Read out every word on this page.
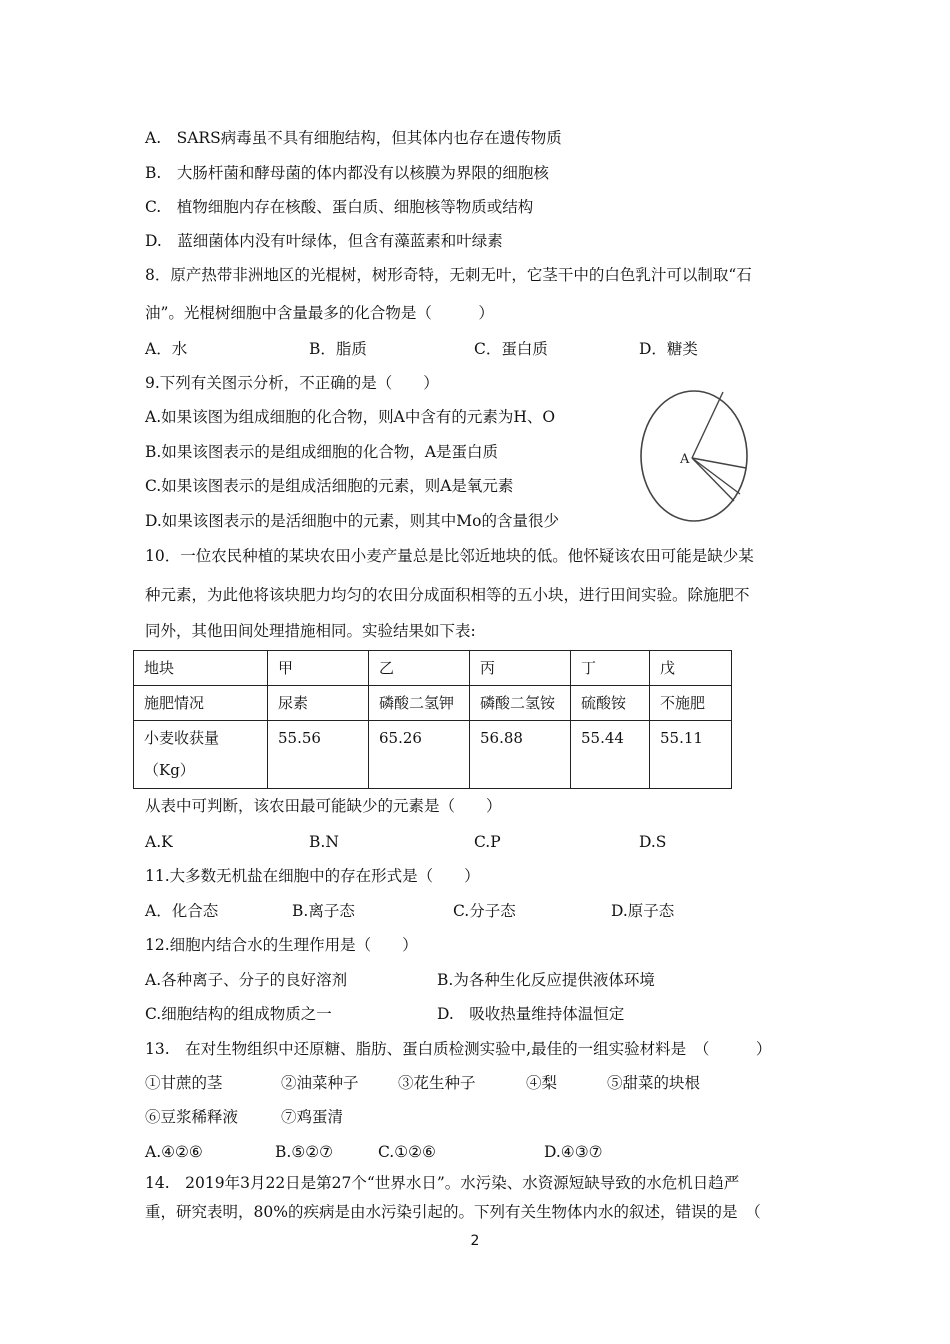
A.　SARS病毒虽不具有细胞结构，但其体内也存在遗传物质
B.　大肠杆菌和酵母菌的体内都没有以核膜为界限的细胞核
C.　植物细胞内存在核酸、蛋白质、细胞核等物质或结构
D.　蓝细菌体内没有叶绿体，但含有藻蓝素和叶绿素
8．原产热带非洲地区的光棍树，树形奇特，无刺无叶，它茎干中的白色乳汁可以制取“石
油”。光棍树细胞中含量最多的化合物是（　　　）
A．水	B．脂质	C．蛋白质	D．糖类
9.下列有关图示分析，不正确的是（　　）
A.如果该图为组成细胞的化合物，则A中含有的元素为H、O
B.如果该图表示的是组成细胞的化合物，A是蛋白质
C.如果该图表示的是组成活细胞的元素，则A是氧元素
D.如果该图表示的是活细胞中的元素，则其中Mo的含量很少
A
10．一位农民种植的某块农田小麦产量总是比邻近地块的低。他怀疑该农田可能是缺少某
种元素，为此他将该块肥力均匀的农田分成面积相等的五小块，进行田间实验。除施肥不
同外，其他田间处理措施相同。实验结果如下表:
地块	甲	乙	丙	丁	戊
施肥情况	尿素	磷酸二氢钾	磷酸二氢铵	硫酸铵	不施肥

小麦收获量
（Kg）	55.56	65.26	56.88	55.44	55.11
从表中可判断，该农田最可能缺少的元素是（　　）
A.K	B.N	C.P	D.S
11.大多数无机盐在细胞中的存在形式是（　　）
A．化合态	B.离子态	C.分子态	D.原子态
12.细胞内结合水的生理作用是（　　）
A.各种离子、分子的良好溶剂	B.为各种生化反应提供液体环境
C.细胞结构的组成物质之一	D.　吸收热量维持体温恒定
13.　在对生物组织中还原糖、脂肪、蛋白质检测实验中,最佳的一组实验材料是　（　　　）
①甘蔗的茎	②油菜种子	③花生种子	④梨	⑤甜菜的块根
⑥豆浆稀释液	⑦鸡蛋清
A.④②⑥	B.⑤②⑦	C.①②⑥	D.④③⑦
14.　2019年3月22日是第27个“世界水日”。水污染、水资源短缺导致的水危机日趋严
重，研究表明，80%的疾病是由水污染引起的。下列有关生物体内水的叙述，错误的是　（
2
